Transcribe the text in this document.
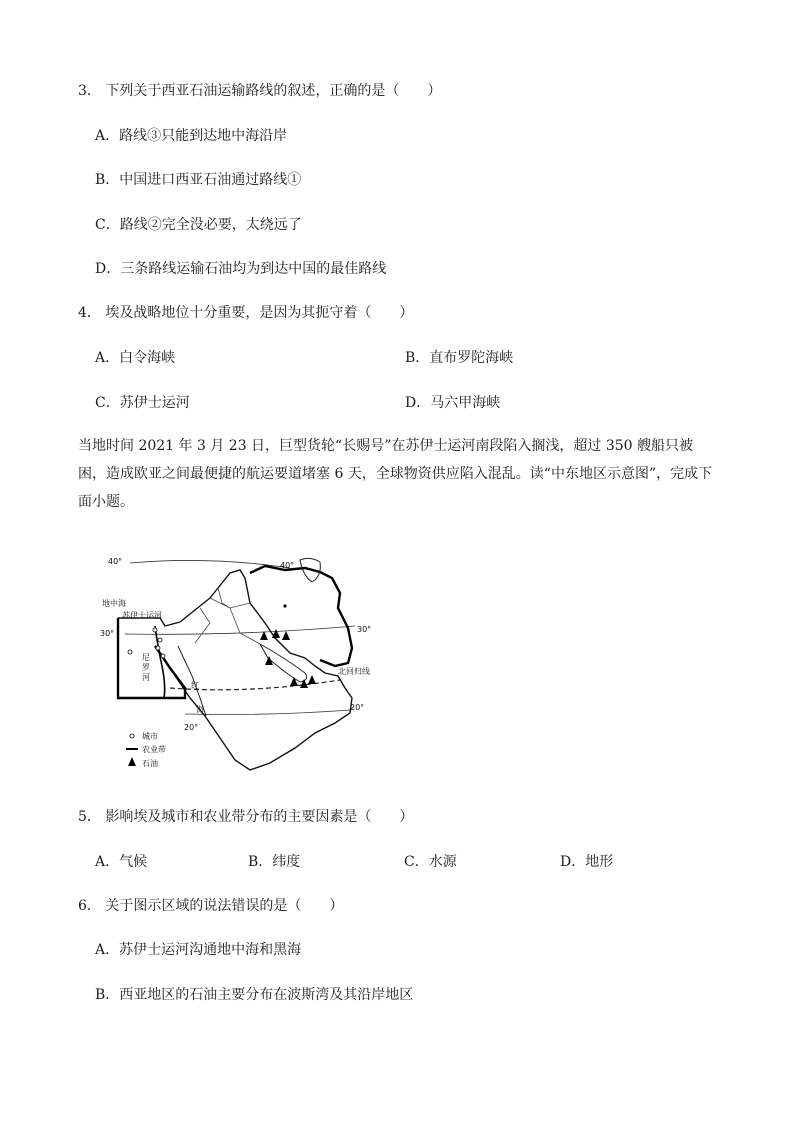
3． 下列关于西亚石油运输路线的叙述，正确的是（　　）
A．路线③只能到达地中海沿岸
B．中国进口西亚石油通过路线①
C．路线②完全没必要，太绕远了
D．三条路线运输石油均为到达中国的最佳路线
4． 埃及战略地位十分重要，是因为其扼守着（　　）
A．白令海峡	B．直布罗陀海峡
C．苏伊士运河	D．马六甲海峡
当地时间 2021 年 3 月 23 日，巨型货轮“长赐号”在苏伊士运河南段陷入搁浅，超过 350 艘船只被困，造成欧亚之间最便捷的航运要道堵塞 6 天，全球物资供应陷入混乱。读“中东地区示意图”，完成下面小题。
40°	40°
地中海
苏伊士运河
30°	30°
尼
罗
河
红
海
北回归线
20°
20°
城市
农业带
石油
5． 影响埃及城市和农业带分布的主要因素是（　　）
A．气候	B．纬度	C．水源	D．地形
6． 关于图示区域的说法错误的是（　　）
A．苏伊士运河沟通地中海和黑海
B．西亚地区的石油主要分布在波斯湾及其沿岸地区
